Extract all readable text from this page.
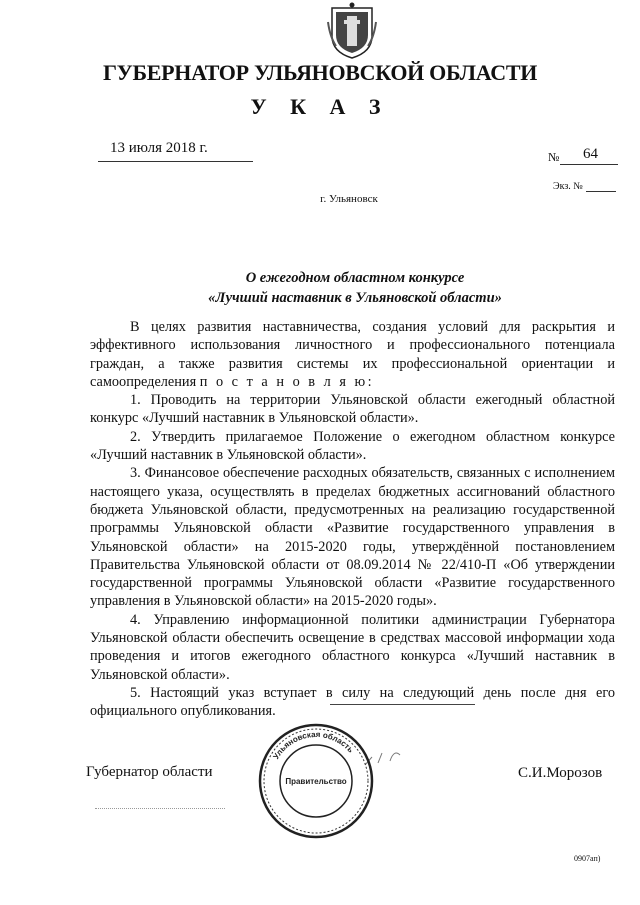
ГУБЕРНАТОР УЛЬЯНОВСКОЙ ОБЛАСТИ
У К А З
13 июля 2018 г.
№ 64
Экз. №
г. Ульяновск
О ежегодном областном конкурсе
«Лучший наставник в Ульяновской области»

В целях развития наставничества, создания условий для раскрытия и эффективного использования личностного и профессионального потенциала граждан, а также развития системы их профессиональной ориентации и самоопределения п о с т а н о в л я ю:

1. Проводить на территории Ульяновской области ежегодный областной конкурс «Лучший наставник в Ульяновской области».

2. Утвердить прилагаемое Положение о ежегодном областном конкурсе «Лучший наставник в Ульяновской области».

3. Финансовое обеспечение расходных обязательств, связанных с исполнением настоящего указа, осуществлять в пределах бюджетных ассигнований областного бюджета Ульяновской области, предусмотренных на реализацию государственной программы Ульяновской области «Развитие государственного управления в Ульяновской области» на 2015-2020 годы, утверждённой постановлением Правительства Ульяновской области от 08.09.2014 № 22/410-П «Об утверждении государственной программы Ульяновской области «Развитие государственного управления в Ульяновской области» на 2015-2020 годы».

4. Управлению информационной политики администрации Губернатора Ульяновской области обеспечить освещение в средствах массовой информации хода проведения и итогов ежегодного областного конкурса «Лучший наставник в Ульяновской области».

5. Настоящий указ вступает в силу на следующий день после дня его официального опубликования.

Губернатор области	С.И.Морозов
Ульяновская область
Правительство
0907ап)
